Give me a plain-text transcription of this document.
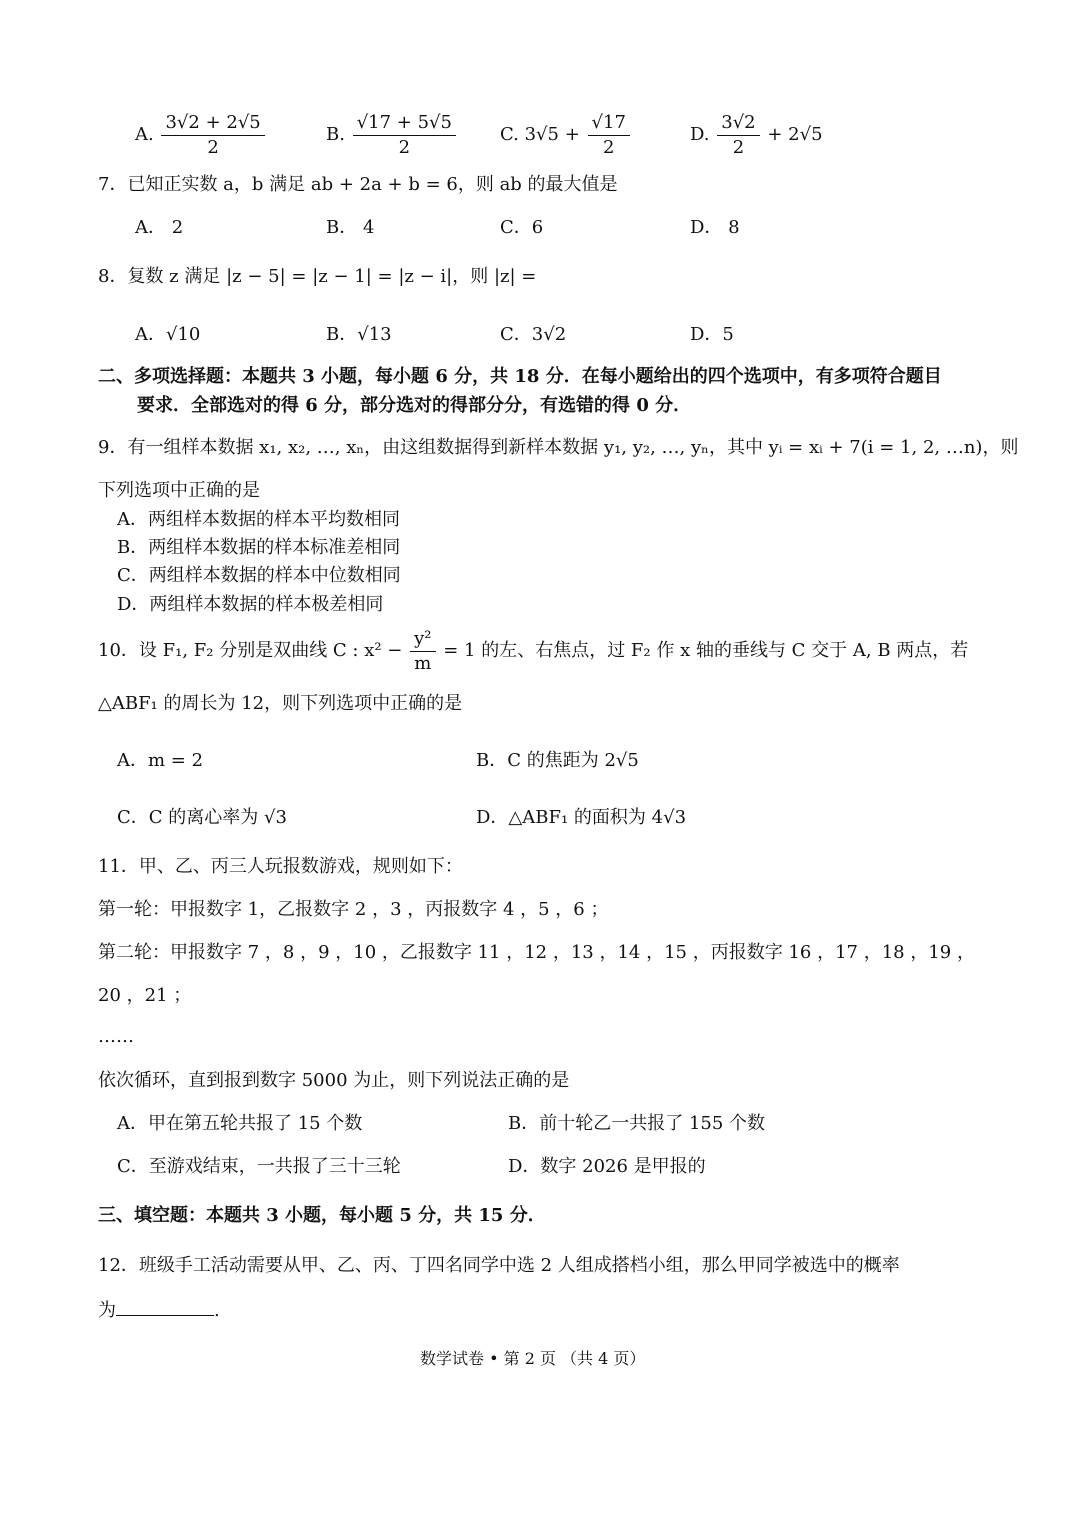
A. $\frac{3√2 + 2√5}{2}$	B. $\frac{√17 + 5√5}{2} C$. $3√5 + \frac{√17}{2}$	D. $\frac{3√2}{2} + 2√5$
7．已知正实数 a，b 满足 ab + 2a + b = 6，则 ab 的最大值是
A． 2	B． 4	C．6	D． 8
8．复数 z 满足 |z − 5| = |z − 1| = |z − i|，则 |z| =
A．√10	B．√13	C．3√2	D．5
二、多项选择题：本题共 3 小题，每小题 6 分，共 18 分．在每小题给出的四个选项中，有多项符合题目
要求．全部选对的得 6 分，部分选对的得部分分，有选错的得 0 分．
9．有一组样本数据 x₁, x₂, …, xₙ，由这组数据得到新样本数据 y₁, y₂, …, yₙ，其中 yᵢ = xᵢ + 7(i = 1, 2, …n)，则
下列选项中正确的是
A．两组样本数据的样本平均数相同
B．两组样本数据的样本标准差相同
C．两组样本数据的样本中位数相同
D．两组样本数据的样本极差相同
10．设 F₁, F₂ 分别是双曲线 C : $x^2 - \frac{\text{y²}}{m} = 1$ 的左、右焦点，过 F₂ 作 x 轴的垂线与 C 交于 A, B 两点，若
△ABF₁ 的周长为 12，则下列选项中正确的是
A．m = 2	B．C 的焦距为 2√5
C．C 的离心率为 √3	D．△ABF₁ 的面积为 4√3
11．甲、乙、丙三人玩报数游戏，规则如下：
第一轮：甲报数字 1，乙报数字 2 ，3 ，丙报数字 4 ，5 ，6 ；
第二轮：甲报数字 7 ，8 ，9 ，10 ，乙报数字 11 ，12 ，13 ，14 ，15 ，丙报数字 16 ，17 ，18 ，19 ，
20 ，21 ；
……
依次循环，直到报到数字 5000 为止，则下列说法正确的是
A．甲在第五轮共报了 15 个数	B．前十轮乙一共报了 155 个数
C．至游戏结束，一共报了三十三轮	D．数字 2026 是甲报的
三、填空题：本题共 3 小题，每小题 5 分，共 15 分．
12．班级手工活动需要从甲、乙、丙、丁四名同学中选 2 人组成搭档小组，那么甲同学被选中的概率
为	.
数学试卷 • 第 2 页 （共 4 页）
